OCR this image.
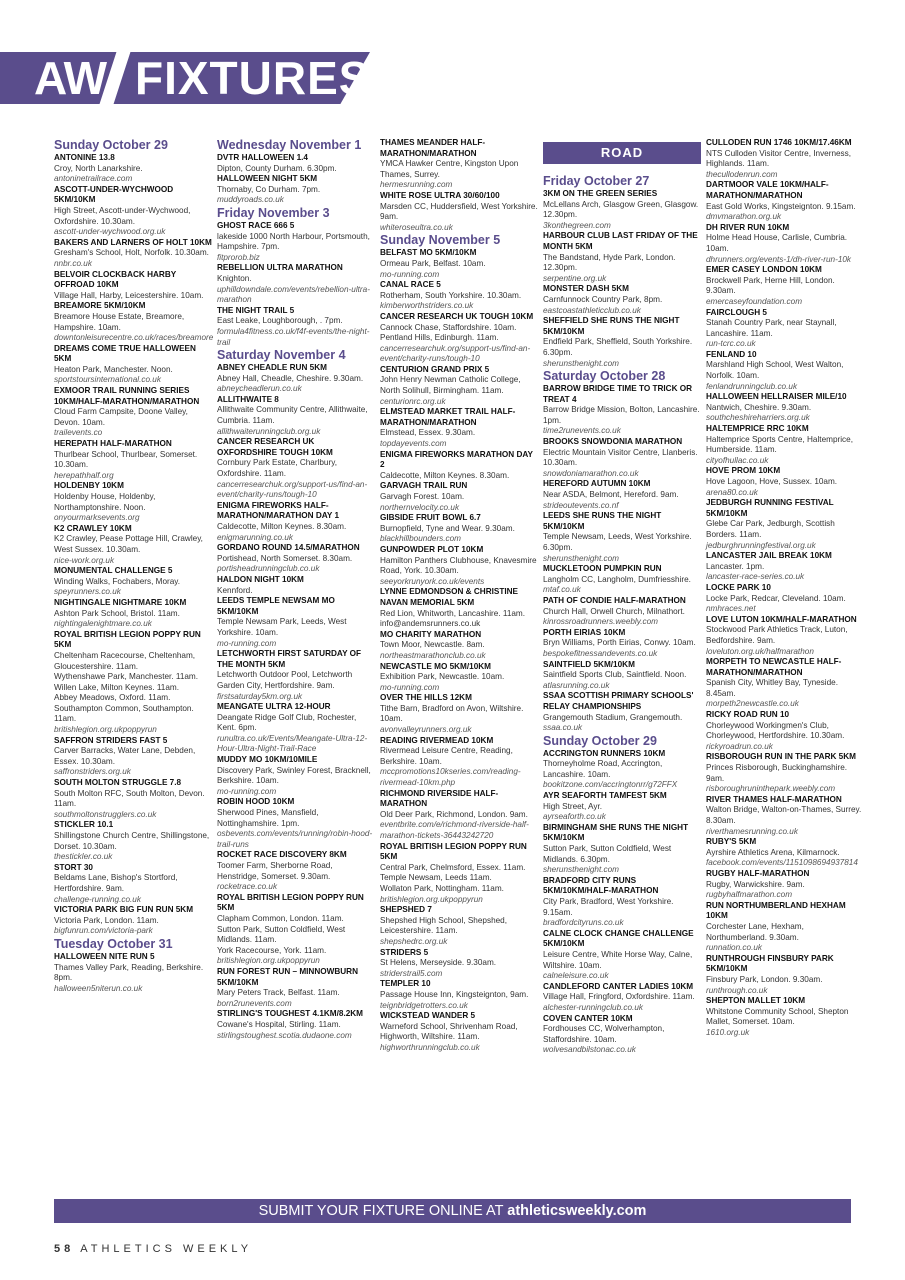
AW FIXTURES

Sunday October 29

ANTONINE 13.8

Croy, North Lanarkshire.

antoninetrailrace.com

ASCOTT-UNDER-WYCHWOOD 5KM/10KM

High Street, Ascott-under-Wychwood, Oxfordshire. 10.30am.

ascott-under-wychwood.org.uk

BAKERS AND LARNERS OF HOLT 10KM

Gresham's School, Holt, Norfolk. 10.30am.

nnbr.co.uk

BELVOIR CLOCKBACK HARBY OFFROAD 10KM

Village Hall, Harby, Leicestershire. 10am.

BREAMORE 5KM/10KM

Breamore House Estate, Breamore, Hampshire. 10am.

downtonleisurecentre.co.uk/races/breamore

DREAMS COME TRUE HALLOWEEN 5KM

Heaton Park, Manchester. Noon.

sportstoursinternational.co.uk

EXMOOR TRAIL RUNNING SERIES 10KM/HALF-MARATHON/MARATHON

Cloud Farm Campsite, Doone Valley, Devon. 10am.

trailevents.co

HEREPATH HALF-MARATHON

Thurlbear School, Thurlbear, Somerset. 10.30am.

herepathhalf.org

HOLDENBY 10KM

Holdenby House, Holdenby, Northamptonshire. Noon.

onyourmarksevents.org

K2 CRAWLEY 10KM

K2 Crawley, Pease Pottage Hill, Crawley, West Sussex. 10.30am.

nice-work.org.uk

MONUMENTAL CHALLENGE 5

Winding Walks, Fochabers, Moray.

speyrunners.co.uk

NIGHTINGALE NIGHTMARE 10KM

Ashton Park School, Bristol. 11am.

nightingalenightmare.co.uk

ROYAL BRITISH LEGION POPPY RUN 5KM

Cheltenham Racecourse, Cheltenham, Gloucestershire. 11am.

Wythenshawe Park, Manchester. 11am.

Willen Lake, Milton Keynes. 11am.

Abbey Meadows, Oxford. 11am.

Southampton Common, Southampton. 11am.

britishlegion.org.ukpoppyrun

SAFFRON STRIDERS FAST 5

Carver Barracks, Water Lane, Debden, Essex. 10.30am.

saffronstriders.org.uk

SOUTH MOLTON STRUGGLE 7.8

South Molton RFC, South Molton, Devon. 11am.

southmoltonstrugglers.co.uk

STICKLER 10.1

Shillingstone Church Centre, Shillingstone, Dorset. 10.30am.

thestickler.co.uk

STORT 30

Beldams Lane, Bishop's Stortford, Hertfordshire. 9am.

challenge-running.co.uk

VICTORIA PARK BIG FUN RUN 5KM

Victoria Park, London. 11am.

bigfunrun.com/victoria-park

Tuesday October 31

HALLOWEEN NITE RUN 5

Thames Valley Park, Reading, Berkshire. 8pm.

halloween5niterun.co.uk

Wednesday November 1

DVTR HALLOWEEN 1.4

Dipton, County Durham. 6.30pm.

HALLOWEEN NIGHT 5KM

Thornaby, Co Durham. 7pm.

muddyroads.co.uk

Friday November 3

GHOST RACE 666 5

lakeside 1000 North Harbour, Portsmouth, Hampshire. 7pm.

fitprorob.biz

REBELLION ULTRA MARATHON

Knighton.

uphilldowndale.com/events/rebellion-ultra-marathon

THE NIGHT TRAIL 5

East Leake, Loughborough, . 7pm.

formula4fitness.co.uk/f4f-events/the-night-trail

Saturday November 4

ABNEY CHEADLE RUN 5KM

Abney Hall, Cheadle, Cheshire. 9.30am.

abneycheadlerun.co.uk

ALLITHWAITE 8

Allithwaite Community Centre, Allithwaite, Cumbria. 11am.

allithwaiterunningclub.org.uk

CANCER RESEARCH UK OXFORDSHIRE TOUGH 10KM

Cornbury Park Estate, Charlbury, Oxfordshire. 11am.

cancerresearchuk.org/support-us/find-an-event/charity-runs/tough-10

ENIGMA FIREWORKS HALF-MARATHON/MARATHON DAY 1

Caldecotte, Milton Keynes. 8.30am.

enigmarunning.co.uk

GORDANO ROUND 14.5/MARATHON

Portishead, North Somerset. 8.30am.

portisheadrunningclub.co.uk

HALDON NIGHT 10KM

Kennford.

LEEDS TEMPLE NEWSAM MO 5KM/10KM

Temple Newsam Park, Leeds, West Yorkshire. 10am.

mo-running.com

LETCHWORTH FIRST SATURDAY OF THE MONTH 5KM

Letchworth Outdoor Pool, Letchworth Garden City, Hertfordshire. 9am.

firstsaturday5km.org.uk

MEANGATE ULTRA 12-HOUR

Deangate Ridge Golf Club, Rochester, Kent. 6pm.

runultra.co.uk/Events/Meangate-Ultra-12-Hour-Ultra-Night-Trail-Race

MUDDY MO 10KM/10MILE

Discovery Park, Swinley Forest, Bracknell, Berkshire. 10am.

mo-running.com

ROBIN HOOD 10KM

Sherwood Pines, Mansfield, Nottinghamshire. 1pm.

osbevents.com/events/running/robin-hood-trail-runs

ROCKET RACE DISCOVERY 8KM

Toomer Farm, Sherborne Road, Henstridge, Somerset. 9.30am.

rocketrace.co.uk

ROYAL BRITISH LEGION POPPY RUN 5KM

Clapham Common, London. 11am.

Sutton Park, Sutton Coldfield, West Midlands. 11am.

York Racecourse, York. 11am.

britishlegion.org.ukpoppyrun

RUN FOREST RUN – MINNOWBURN 5KM/10KM

Mary Peters Track, Belfast. 11am.

born2runevents.com

STIRLING'S TOUGHEST 4.1KM/8.2KM

Cowane's Hospital, Stirling. 11am.

stirlingstoughest.scotia.dudaone.com

THAMES MEANDER HALF-MARATHON/MARATHON

YMCA Hawker Centre, Kingston Upon Thames, Surrey.

hermesrunning.com

WHITE ROSE ULTRA 30/60/100

Marsden CC, Huddersfield, West Yorkshire. 9am.

whiteroseultra.co.uk

Sunday November 5

BELFAST MO 5KM/10KM

Ormeau Park, Belfast. 10am.

mo-running.com

CANAL RACE 5

Rotherham, South Yorkshire. 10.30am.

kimberworthstriders.co.uk

CANCER RESEARCH UK TOUGH 10KM

Cannock Chase, Staffordshire. 10am.

Pentland Hills, Edinburgh. 11am.

cancerresearchuk.org/support-us/find-an-event/charity-runs/tough-10

CENTURION GRAND PRIX 5

John Henry Newman Catholic College, North Solihull, Birmingham. 11am.

centurionrc.org.uk

ELMSTEAD MARKET TRAIL HALF-MARATHON/MARATHON

Elmstead, Essex. 9.30am.

topdayevents.com

ENIGMA FIREWORKS MARATHON DAY 2

Caldecotte, Milton Keynes. 8.30am.

GARVAGH TRAIL RUN

Garvagh Forest. 10am.

northernvelocity.co.uk

GIBSIDE FRUIT BOWL 6.7

Burnopfield, Tyne and Wear. 9.30am.

blackhillbounders.com

GUNPOWDER PLOT 10KM

Hamilton Panthers Clubhouse, Knavesmire Road, York. 10.30am.

seeyorkrunyork.co.uk/events

LYNNE EDMONDSON & CHRISTINE NAVAN MEMORIAL 5KM

Red Lion, Whitworth, Lancashire. 11am.

info@andemsrunners.co.uk

MO CHARITY MARATHON

Town Moor, Newcastle. 8am.

northeastmarathonclub.co.uk

NEWCASTLE MO 5KM/10KM

Exhibition Park, Newcastle. 10am.

mo-running.com

OVER THE HILLS 12KM

Tithe Barn, Bradford on Avon, Wiltshire. 10am.

avonvalleyrunners.org.uk

READING RIVERMEAD 10KM

Rivermead Leisure Centre, Reading, Berkshire. 10am.

mccpromotions10kseries.com/reading-rivermead-10km.php

RICHMOND RIVERSIDE HALF-MARATHON

Old Deer Park, Richmond, London. 9am.

eventbrite.com/e/richmond-riverside-half-marathon-tickets-36443242720

ROYAL BRITISH LEGION POPPY RUN 5KM

Central Park, Chelmsford, Essex. 11am.

Temple Newsam, Leeds 11am.

Wollaton Park, Nottingham. 11am.

britishlegion.org.ukpoppyrun

SHEPSHED 7

Shepshed High School, Shepshed, Leicestershire. 11am.

shepshedrc.org.uk

STRIDERS 5

St Helens, Merseyside. 9.30am.

striderstrail5.com

TEMPLER 10

Passage House Inn, Kingsteignton, 9am.

teignbridgetrotters.co.uk

WICKSTEAD WANDER 5

Warneford School, Shrivenham Road, Highworth, Wiltshire. 11am.

highworthrunningclub.co.uk

ROAD

Friday October 27

3KM ON THE GREEN SERIES

McLellans Arch, Glasgow Green, Glasgow. 12.30pm.

3konthegreen.com

HARBOUR CLUB LAST FRIDAY OF THE MONTH 5KM

The Bandstand, Hyde Park, London. 12.30pm.

serpentine.org.uk

MONSTER DASH 5KM

Carnfunnock Country Park, 8pm.

eastcoastathleticclub.co.uk

SHEFFIELD SHE RUNS THE NIGHT 5KM/10KM

Endfield Park, Sheffield, South Yorkshire. 6.30pm.

sherunsthenight.com

Saturday October 28

BARROW BRIDGE TIME TO TRICK OR TREAT 4

Barrow Bridge Mission, Bolton, Lancashire. 1pm.

time2runevents.co.uk

BROOKS SNOWDONIA MARATHON

Electric Mountain Visitor Centre, Llanberis. 10.30am.

snowdoniamarathon.co.uk

HEREFORD AUTUMN 10KM

Near ASDA, Belmont, Hereford. 9am.

strideoutevents.co.nf

LEEDS SHE RUNS THE NIGHT 5KM/10KM

Temple Newsam, Leeds, West Yorkshire. 6.30pm.

sherunsthenight.com

MUCKLETOON PUMPKIN RUN

Langholm CC, Langholm, Dumfriesshire.

mtaf.co.uk

PATH OF CONDIE HALF-MARATHON

Church Hall, Orwell Church, Milnathort.

kinrossroadrunners.weebly.com

PORTH EIRIAS 10KM

Bryn Williams, Porth Eirias, Conwy. 10am.

bespokefitnessandevents.co.uk

SAINTFIELD 5KM/10KM

Saintfield Sports Club, Saintfield. Noon.

atlasrunning.co.uk

SSAA SCOTTISH PRIMARY SCHOOLS' RELAY CHAMPIONSHIPS

Grangemouth Stadium, Grangemouth.

ssaa.co.uk

Sunday October 29

ACCRINGTON RUNNERS 10KM

Thorneyholme Road, Accrington, Lancashire. 10am.

bookitzone.com/accringtonrr/g72FFX

AYR SEAFORTH TAMFEST 5KM

High Street, Ayr.

ayrseaforth.co.uk

BIRMINGHAM SHE RUNS THE NIGHT 5KM/10KM

Sutton Park, Sutton Coldfield, West Midlands. 6.30pm.

sherunsthenight.com

BRADFORD CITY RUNS 5KM/10KM/HALF-MARATHON

City Park, Bradford, West Yorkshire. 9.15am.

bradfordcityruns.co.uk

CALNE CLOCK CHANGE CHALLENGE 5KM/10KM

Leisure Centre, White Horse Way, Calne, Wiltshire. 10am.

calneleisure.co.uk

CANDLEFORD CANTER LADIES 10KM

Village Hall, Fringford, Oxfordshire. 11am.

alchester-runningclub.co.uk

COVEN CANTER 10KM

Fordhouses CC, Wolverhampton, Staffordshire. 10am.

wolvesandbilstonac.co.uk

CULLODEN RUN 1746 10KM/17.46KM

NTS Culloden Visitor Centre, Inverness, Highlands. 11am.

thecullodenrun.com

DARTMOOR VALE 10KM/HALF-MARATHON/MARATHON

East Gold Works, Kingsteignton. 9.15am.

dmvmarathon.org.uk

DH RIVER RUN 10KM

Holme Head House, Carlisle, Cumbria. 10am.

dhrunners.org/events-1/dh-river-run-10k

EMER CASEY LONDON 10KM

Brockwell Park, Herne Hill, London. 9.30am.

emercaseyfoundation.com

FAIRCLOUGH 5

Stanah Country Park, near Staynall, Lancashire. 11am.

run-tcrc.co.uk

FENLAND 10

Marshland High School, West Walton, Norfolk. 10am.

fenlandrunningclub.co.uk

HALLOWEEN HELLRAISER MILE/10

Nantwich, Cheshire. 9.30am.

southcheshireharriers.org.uk

HALTEMPRICE RRC 10KM

Haltemprice Sports Centre, Haltemprice, Humberside. 11am.

cityofhullac.co.uk

HOVE PROM 10KM

Hove Lagoon, Hove, Sussex. 10am.

arena80.co.uk

JEDBURGH RUNNING FESTIVAL 5KM/10KM

Glebe Car Park, Jedburgh, Scottish Borders. 11am.

jedburghrunningfestival.org.uk

LANCASTER JAIL BREAK 10KM

Lancaster. 1pm.

lancaster-race-series.co.uk

LOCKE PARK 10

Locke Park, Redcar, Cleveland. 10am.

nmhraces.net

LOVE LUTON 10KM/HALF-MARATHON

Stockwood Park Athletics Track, Luton, Bedfordshire. 9am.

loveluton.org.uk/halfmarathon

MORPETH TO NEWCASTLE HALF-MARATHON/MARATHON

Spanish City, Whitley Bay, Tyneside. 8.45am.

morpeth2newcastle.co.uk

RICKY ROAD RUN 10

Chorleywood Workingmen's Club, Chorleywood, Hertfordshire. 10.30am.

rickyroadrun.co.uk

RISBOROUGH RUN IN THE PARK 5KM

Princes Risborough, Buckinghamshire. 9am.

risboroughruninthepark.weebly.com

RIVER THAMES HALF-MARATHON

Walton Bridge, Walton-on-Thames, Surrey. 8.30am.

riverthamesrunning.co.uk

RUBY'S 5KM

Ayrshire Athletics Arena, Kilmarnock.

facebook.com/events/1151098694937814

RUGBY HALF-MARATHON

Rugby, Warwickshire. 9am.

rugbyhalfmarathon.com

RUN NORTHUMBERLAND HEXHAM 10KM

Corchester Lane, Hexham, Northumberland. 9.30am.

runnation.co.uk

RUNTHROUGH FINSBURY PARK 5KM/10KM

Finsbury Park, London. 9.30am.

runthrough.co.uk

SHEPTON MALLET 10KM

Whitstone Community School, Shepton Mallet, Somerset. 10am.

1610.org.uk

SUBMIT YOUR FIXTURE ONLINE AT athleticsweekly.com
58 ATHLETICS WEEKLY
